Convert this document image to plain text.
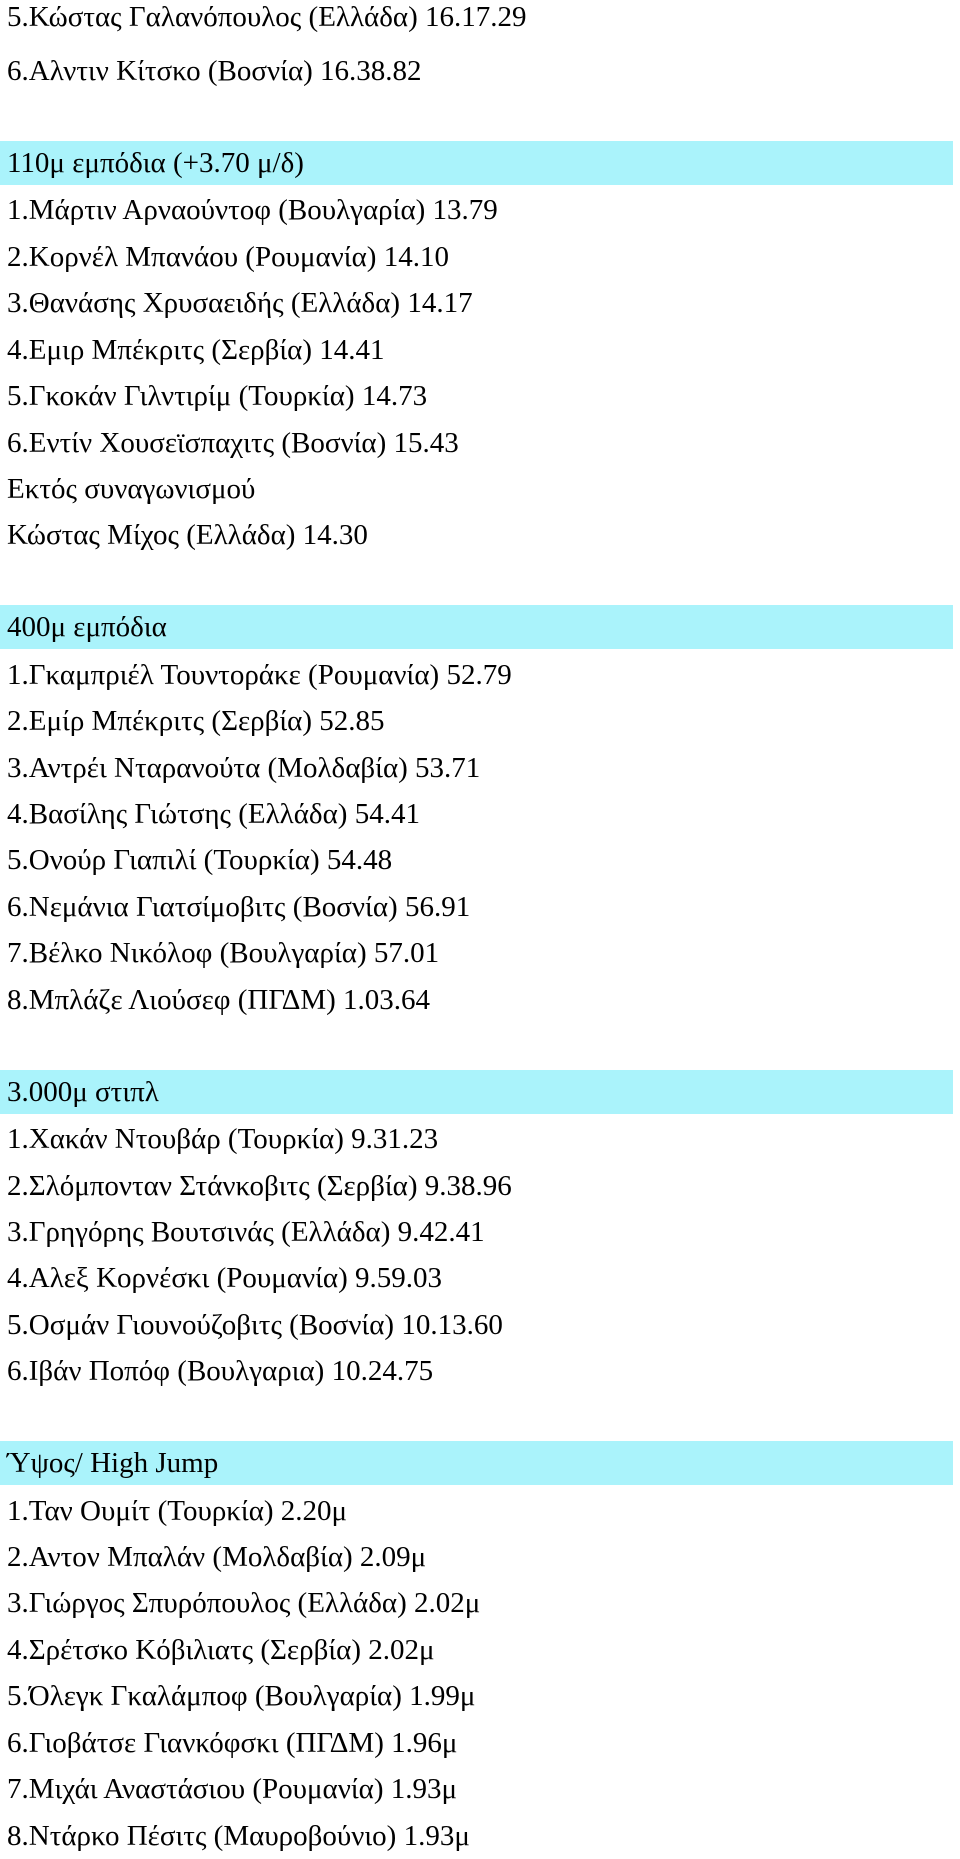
5.Κώστας Γαλανόπουλος (Ελλάδα) 16.17.29
6.Αλντιν Κίτσκο (Βοσνία) 16.38.82
110μ εμπόδια (+3.70 μ/δ)
1.Μάρτιν Αρναούντοφ (Βουλγαρία) 13.79
2.Κορνέλ Μπανάου (Ρουμανία) 14.10
3.Θανάσης Χρυσαειδής (Ελλάδα) 14.17
4.Εμιρ Μπέκριτς (Σερβία) 14.41
5.Γκοκάν Γιλντιρίμ (Τουρκία) 14.73
6.Εντίν Χουσεϊσπαχιτς (Βοσνία) 15.43
Εκτός συναγωνισμού
Κώστας Μίχος (Ελλάδα) 14.30
400μ εμπόδια
1.Γκαμπριέλ Τουντοράκε (Ρουμανία) 52.79
2.Εμίρ Μπέκριτς (Σερβία) 52.85
3.Αντρέι Νταρανούτα (Μολδαβία) 53.71
4.Βασίλης Γιώτσης (Ελλάδα) 54.41
5.Ονούρ Γιαπιλί (Τουρκία) 54.48
6.Νεμάνια Γιατσίμοβιτς (Βοσνία) 56.91
7.Βέλκο Νικόλοφ (Βουλγαρία) 57.01
8.Μπλάζε Λιούσεφ (ΠΓΔΜ) 1.03.64
3.000μ στιπλ
1.Χακάν Ντουβάρ (Τουρκία) 9.31.23
2.Σλόμπονταν Στάνκοβιτς (Σερβία) 9.38.96
3.Γρηγόρης Βουτσινάς (Ελλάδα) 9.42.41
4.Αλεξ Κορνέσκι (Ρουμανία) 9.59.03
5.Οσμάν Γιουνούζοβιτς (Βοσνία) 10.13.60
6.Ιβάν Ποπόφ (Βουλγαρια) 10.24.75
Ύψος/ High Jump
1.Ταν Ουμίτ (Τουρκία) 2.20μ
2.Αντον Μπαλάν (Μολδαβία) 2.09μ
3.Γιώργος Σπυρόπουλος (Ελλάδα) 2.02μ
4.Σρέτσκο Κόβιλιατς (Σερβία) 2.02μ
5.Όλεγκ Γκαλάμποφ (Βουλγαρία) 1.99μ
6.Γιοβάτσε Γιανκόφσκι (ΠΓΔΜ) 1.96μ
7.Μιχάι Αναστάσιου (Ρουμανία) 1.93μ
8.Ντάρκο Πέσιτς (Μαυροβούνιο) 1.93μ
